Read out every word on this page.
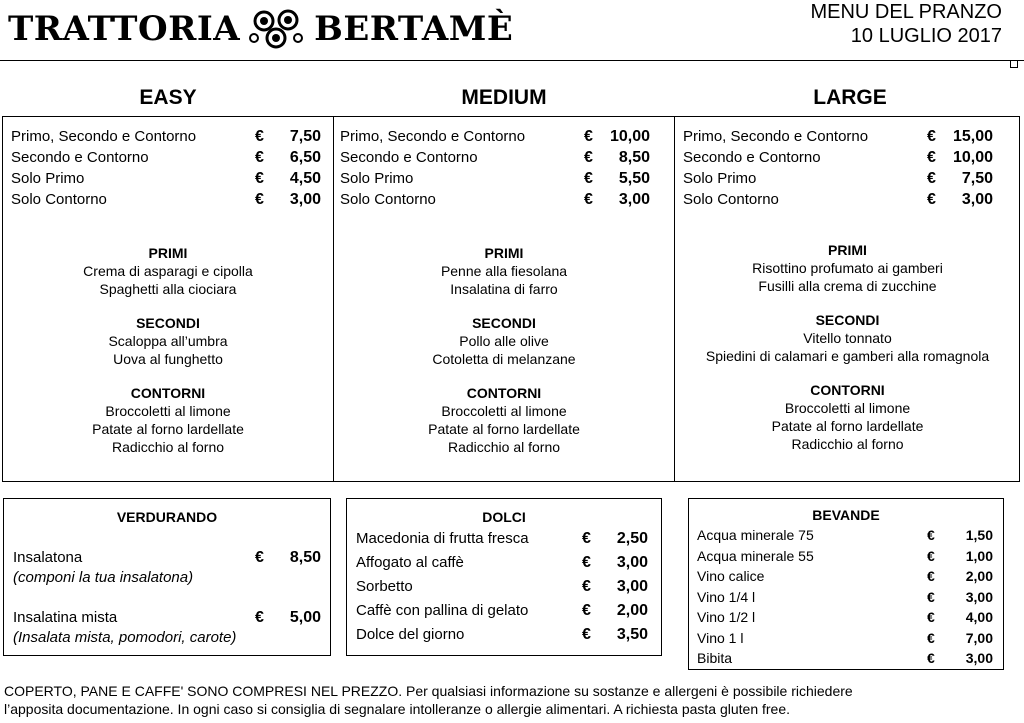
TRATTORIA BERTAMÈ	MENU DEL PRANZO
10 LUGLIO 2017
EASY	MEDIUM	LARGE
Primo, Secondo e Contorno	€	7,50
Secondo e Contorno	€	6,50
Solo Primo	€	4,50
Solo Contorno	€	3,00
PRIMI
Crema di asparagi e cipolla
Spaghetti alla ciociara
SECONDI
Scaloppa all’umbra
Uova al funghetto
CONTORNI
Broccoletti al limone
Patate al forno lardellate
Radicchio al forno
Primo, Secondo e Contorno	€	10,00
Secondo e Contorno	€	8,50
Solo Primo	€	5,50
Solo Contorno	€	3,00
PRIMI
Penne alla fiesolana
Insalatina di farro
SECONDI
Pollo alle olive
Cotoletta di melanzane
CONTORNI
Broccoletti al limone
Patate al forno lardellate
Radicchio al forno
Primo, Secondo e Contorno	€	15,00
Secondo e Contorno	€	10,00
Solo Primo	€	7,50
Solo Contorno	€	3,00
PRIMI
Risottino profumato ai gamberi
Fusilli alla crema di zucchine
SECONDI
Vitello tonnato
Spiedini di calamari e gamberi alla romagnola
CONTORNI
Broccoletti al limone
Patate al forno lardellate
Radicchio al forno
VERDURANDO
Insalatona	€	8,50
(componi la tua insalatona)
Insalatina mista	€	5,00
(Insalata mista, pomodori, carote)
DOLCI
Macedonia di frutta fresca	€	2,50
Affogato al caffè	€	3,00
Sorbetto	€	3,00
Caffè con pallina di gelato	€	2,00
Dolce del giorno	€	3,50
BEVANDE
Acqua minerale 75	€	1,50
Acqua minerale 55	€	1,00
Vino calice	€	2,00
Vino 1/4 l	€	3,00
Vino 1/2 l	€	4,00
Vino 1 l	€	7,00
Bibita	€	3,00
COPERTO, PANE E CAFFE' SONO COMPRESI NEL PREZZO. Per qualsiasi informazione su sostanze e allergeni è possibile richiedere
l’apposita documentazione. In ogni caso si consiglia di segnalare intolleranze o allergie alimentari. A richiesta pasta gluten free.
